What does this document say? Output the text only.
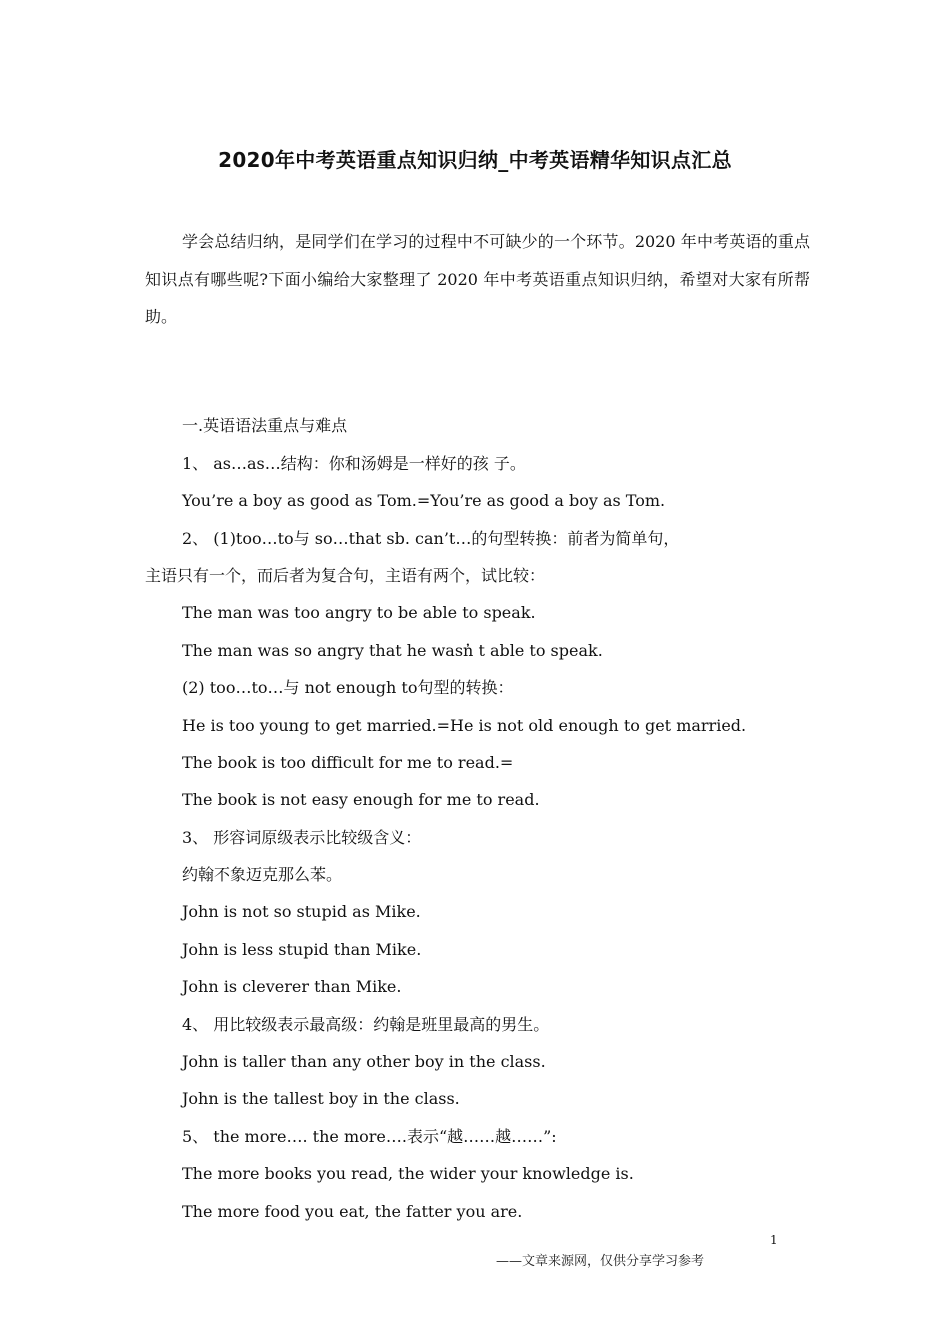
2020年中考英语重点知识归纳_中考英语精华知识点汇总
学会总结归纳，是同学们在学习的过程中不可缺少的一个环节。2020 年中考英语的重点知识点有哪些呢?下面小编给大家整理了 2020 年中考英语重点知识归纳，希望对大家有所帮助。
一.英语语法重点与难点
1、 as…as…结构：你和汤姆是一样好的孩 子。
You’re a boy as good as Tom.=You’re as good a boy as Tom.
2、 (1)too…to与 so…that sb. can’t…的句型转换：前者为简单句，
主语只有一个，而后者为复合句，主语有两个，试比较：
The man was too angry to be able to speak.
The man was so angry that he wasn̓ t able to speak.
(2) too…to…与 not enough to句型的转换：
He is too young to get married.=He is not old enough to get married.
The book is too difficult for me to read.=
The book is not easy enough for me to read.
3、 形容词原级表示比较级含义：
约翰不象迈克那么苯。
John is not so stupid as Mike.
John is less stupid than Mike.
John is cleverer than Mike.
4、 用比较级表示最高级：约翰是班里最高的男生。
John is taller than any other boy in the class.
John is the tallest boy in the class.
5、 the more…. the more….表示“越……越……”:
The more books you read, the wider your knowledge is.
The more food you eat, the fatter you are.
1
——文章来源网，仅供分享学习参考
